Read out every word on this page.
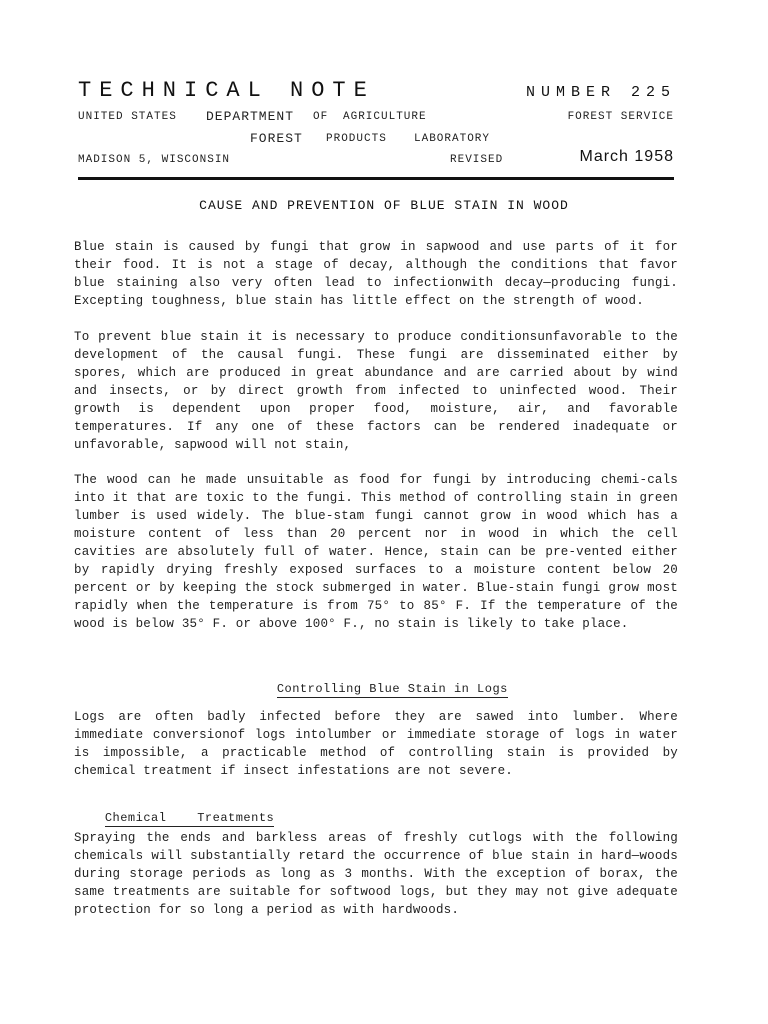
TECHNICAL NOTE	NUMBER 225
UNITED STATES DEPARTMENT OF AGRICULTURE	FOREST SERVICE
FOREST PRODUCTS LABORATORY
MADISON 5, WISCONSIN	REVISED	March 1958
CAUSE AND PREVENTION OF BLUE STAIN IN WOOD
Blue stain is caused by fungi that grow in sapwood and use parts of it for their food. It is not a stage of decay, although the conditions that favor blue staining also very often lead to infectionwith decay—producing fungi. Excepting toughness, blue stain has little effect on the strength of wood.
To prevent blue stain it is necessary to produce conditionsunfavorable to the development of the causal fungi. These fungi are disseminated either by spores, which are produced in great abundance and are carried about by wind and insects, or by direct growth from infected to uninfected wood. Their growth is dependent upon proper food, moisture, air, and favorable temperatures. If any one of these factors can be rendered inadequate or unfavorable, sapwood will not stain,
The wood can he made unsuitable as food for fungi by introducing chemi-cals into it that are toxic to the fungi. This method of controlling stain in green lumber is used widely. The blue-stam fungi cannot grow in wood which has a moisture content of less than 20 percent nor in wood in which the cell cavities are absolutely full of water. Hence, stain can be pre-vented either by rapidly drying freshly exposed surfaces to a moisture content below 20 percent or by keeping the stock submerged in water. Blue-stain fungi grow most rapidly when the temperature is from 75° to 85° F. If the temperature of the wood is below 35° F. or above 100° F., no stain is likely to take place.

Controlling Blue Stain in Logs

Logs are often badly infected before they are sawed into lumber. Where immediate conversionof logs intolumber or immediate storage of logs in water is impossible, a practicable method of controlling stain is provided by chemical treatment if insect infestations are not severe.

Chemical    Treatments

Spraying the ends and barkless areas of freshly cutlogs with the following chemicals will substantially retard the occurrence of blue stain in hard—woods during storage periods as long as 3 months. With the exception of borax, the same treatments are suitable for softwood logs, but they may not give adequate protection for so long a period as with hardwoods.
